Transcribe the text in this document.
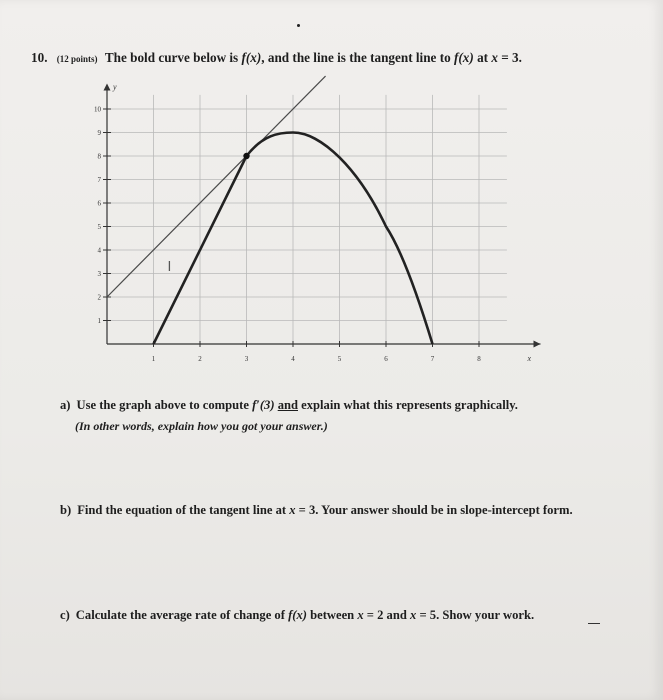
10. (12 points) The bold curve below is f(x), and the line is the tangent line to f(x) at x = 3.
1	2	3	4	5	6	7	8
1
2
3
4
5
6
7
8
9
10
x
y
I
a) Use the graph above to compute f′(3) and explain what this represents graphically.
(In other words, explain how you got your answer.)
b) Find the equation of the tangent line at x = 3. Your answer should be in slope-intercept form.
c) Calculate the average rate of change of f(x) between x = 2 and x = 5. Show your work.
